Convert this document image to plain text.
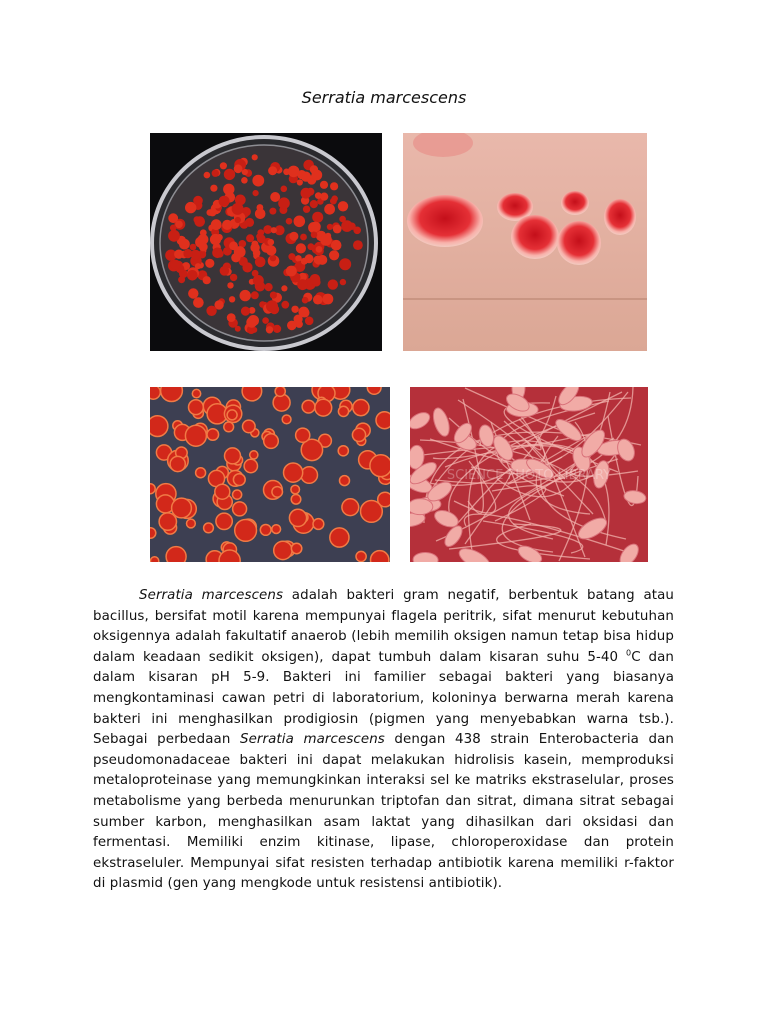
Serratia marcescens
SCIENCE PHOTO LIBRARY

Serratia marcescens adalah bakteri gram negatif, berbentuk batang atau bacillus, bersifat motil karena mempunyai flagela peritrik, sifat menurut kebutuhan oksigennya adalah fakultatif anaerob (lebih memilih oksigen namun tetap bisa hidup dalam keadaan sedikit oksigen), dapat tumbuh dalam kisaran suhu 5-40 $^0$C dan dalam kisaran pH 5-9. Bakteri ini familier sebagai bakteri yang biasanya mengkontaminasi cawan petri di laboratorium, koloninya berwarna merah karena bakteri ini menghasilkan prodigiosin (pigmen yang menyebabkan warna tsb.). Sebagai perbedaan Serratia marcescens dengan 438 strain Enterobacteria dan pseudomonadaceae bakteri ini dapat melakukan hidrolisis kasein, memproduksi metaloproteinase yang memungkinkan interaksi sel ke matriks ekstraselular, proses metabolisme yang berbeda menurunkan triptofan dan sitrat, dimana sitrat sebagai sumber karbon, menghasilkan asam laktat yang dihasilkan dari oksidasi dan fermentasi. Memiliki enzim kitinase, lipase, chloroperoxidase dan protein ekstraseluler. Mempunyai sifat resisten terhadap antibiotik karena memiliki r-faktor di plasmid (gen yang mengkode untuk resistensi antibiotik).
